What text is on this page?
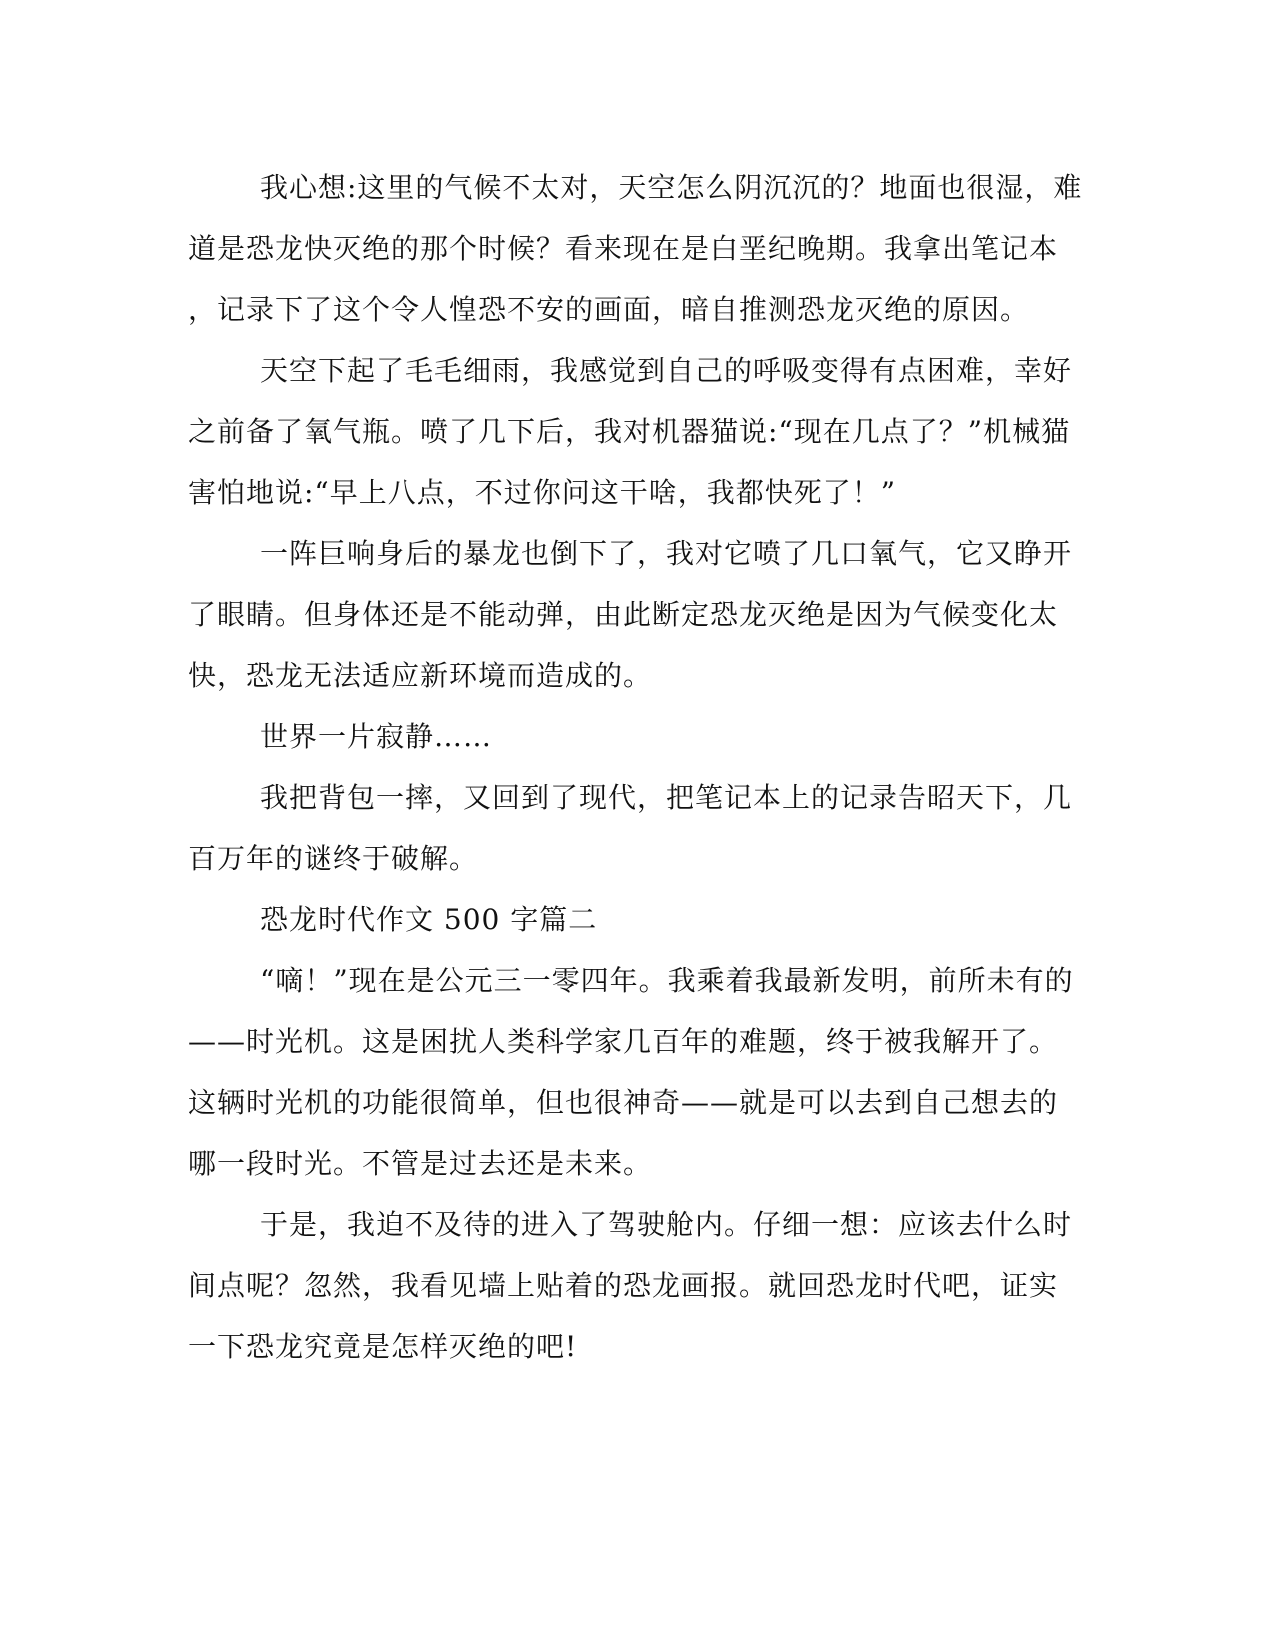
我心想:这里的气候不太对，天空怎么阴沉沉的？地面也很湿，难
道是恐龙快灭绝的那个时候？看来现在是白垩纪晚期。我拿出笔记本
，记录下了这个令人惶恐不安的画面，暗自推测恐龙灭绝的原因。
天空下起了毛毛细雨，我感觉到自己的呼吸变得有点困难，幸好
之前备了氧气瓶。喷了几下后，我对机器猫说:“现在几点了？”机械猫
害怕地说:“早上八点，不过你问这干啥，我都快死了！”
一阵巨响身后的暴龙也倒下了，我对它喷了几口氧气，它又睁开
了眼睛。但身体还是不能动弹，由此断定恐龙灭绝是因为气候变化太
快，恐龙无法适应新环境而造成的。
世界一片寂静……
我把背包一摔，又回到了现代，把笔记本上的记录告昭天下，几
百万年的谜终于破解。
恐龙时代作文 500 字篇二
“嘀！”现在是公元三一零四年。我乘着我最新发明，前所未有的
——时光机。这是困扰人类科学家几百年的难题，终于被我解开了。
这辆时光机的功能很简单，但也很神奇——就是可以去到自己想去的
哪一段时光。不管是过去还是未来。
于是，我迫不及待的进入了驾驶舱内。仔细一想：应该去什么时
间点呢？忽然，我看见墙上贴着的恐龙画报。就回恐龙时代吧，证实
一下恐龙究竟是怎样灭绝的吧!
